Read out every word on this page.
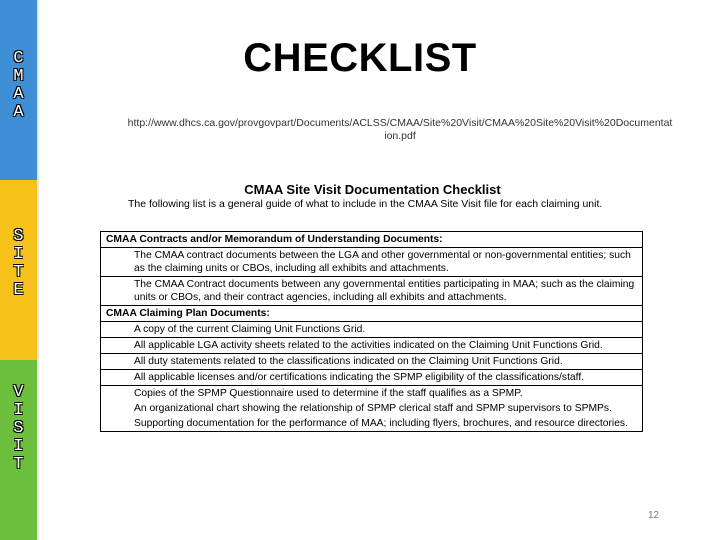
C
M
A
A
S
I
T
E
V
I
S
I
T
CHECKLIST
http://www.dhcs.ca.gov/provgovpart/Documents/ACLSS/CMAA/Site%20Visit/CMAA%20Site%20Visit%20Documentat
ion.pdf
CMAA Site Visit Documentation Checklist
The following list is a general guide of what to include in the CMAA Site Visit file for each claiming unit.
CMAA Contracts and/or Memorandum of Understanding Documents:
The CMAA contract documents between the LGA and other governmental or non-governmental entities; such as the claiming units or CBOs, including all exhibits and attachments.
The CMAA Contract documents between any governmental entities participating in MAA; such as the claiming units or CBOs, and their contract agencies, including all exhibits and attachments.
CMAA Claiming Plan Documents:
A copy of the current Claiming Unit Functions Grid.
All applicable LGA activity sheets related to the activities indicated on the Claiming Unit Functions Grid.
All duty statements related to the classifications indicated on the Claiming Unit Functions Grid.
All applicable licenses and/or certifications indicating the SPMP eligibility of the classifications/staff.
Copies of the SPMP Questionnaire used to determine if the staff qualifies as a SPMP.
An organizational chart showing the relationship of SPMP clerical staff and SPMP supervisors to SPMPs.
Supporting documentation for the performance of MAA; including flyers, brochures, and resource directories.
12
